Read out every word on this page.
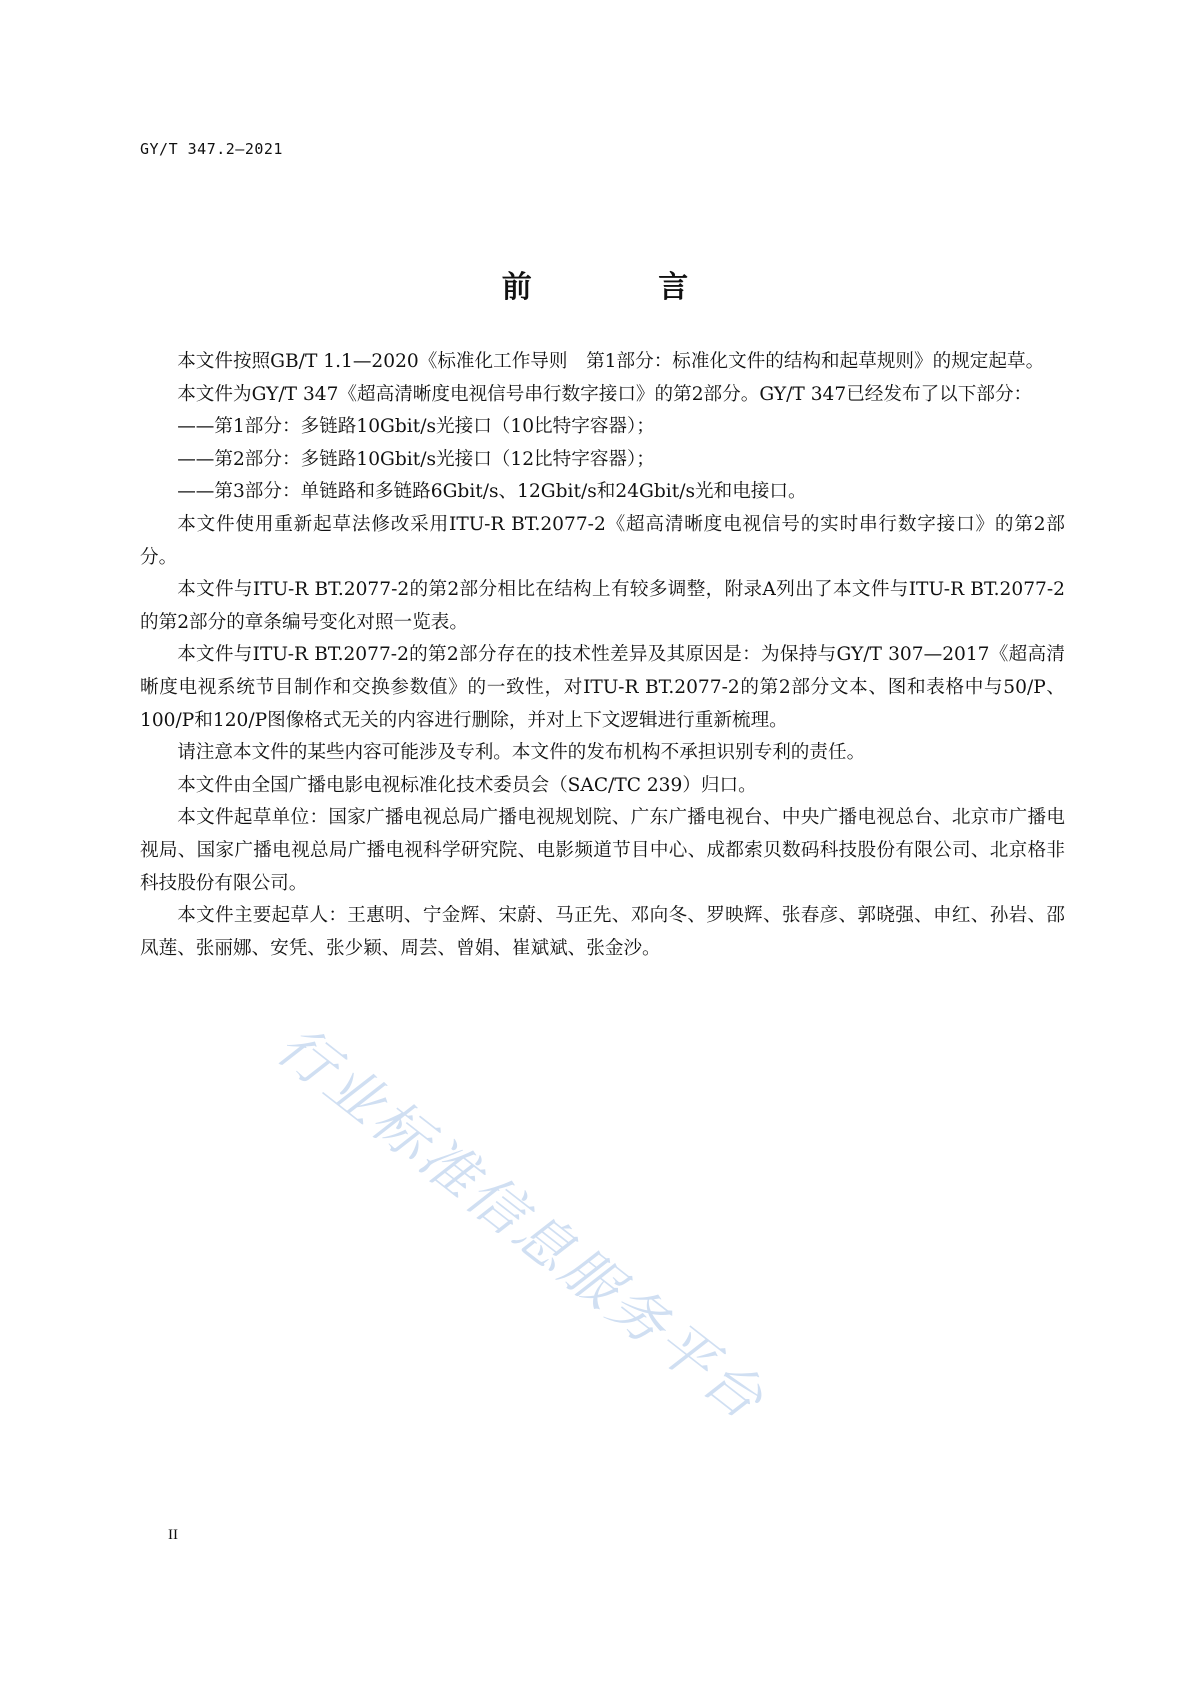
GY/T 347.2—2021
前 言

本文件按照GB/T 1.1—2020《标准化工作导则　第1部分：标准化文件的结构和起草规则》的规定起草。

本文件为GY/T 347《超高清晰度电视信号串行数字接口》的第2部分。GY/T 347已经发布了以下部分：

——第1部分：多链路10Gbit/s光接口（10比特字容器）；

——第2部分：多链路10Gbit/s光接口（12比特字容器）；

——第3部分：单链路和多链路6Gbit/s、12Gbit/s和24Gbit/s光和电接口。

本文件使用重新起草法修改采用ITU-R BT.2077-2《超高清晰度电视信号的实时串行数字接口》的第2部分。

本文件与ITU-R BT.2077-2的第2部分相比在结构上有较多调整，附录A列出了本文件与ITU-R BT.2077-2的第2部分的章条编号变化对照一览表。

本文件与ITU-R BT.2077-2的第2部分存在的技术性差异及其原因是：为保持与GY/T 307—2017《超高清晰度电视系统节目制作和交换参数值》的一致性，对ITU-R BT.2077-2的第2部分文本、图和表格中与50/P、100/P和120/P图像格式无关的内容进行删除，并对上下文逻辑进行重新梳理。

请注意本文件的某些内容可能涉及专利。本文件的发布机构不承担识别专利的责任。

本文件由全国广播电影电视标准化技术委员会（SAC/TC 239）归口。

本文件起草单位：国家广播电视总局广播电视规划院、广东广播电视台、中央广播电视总台、北京市广播电视局、国家广播电视总局广播电视科学研究院、电影频道节目中心、成都索贝数码科技股份有限公司、北京格非科技股份有限公司。

本文件主要起草人：王惠明、宁金辉、宋蔚、马正先、邓向冬、罗映辉、张春彦、郭晓强、申红、孙岩、邵凤莲、张丽娜、安凭、张少颖、周芸、曾娟、崔斌斌、张金沙。

行业标准信息服务平台
II
